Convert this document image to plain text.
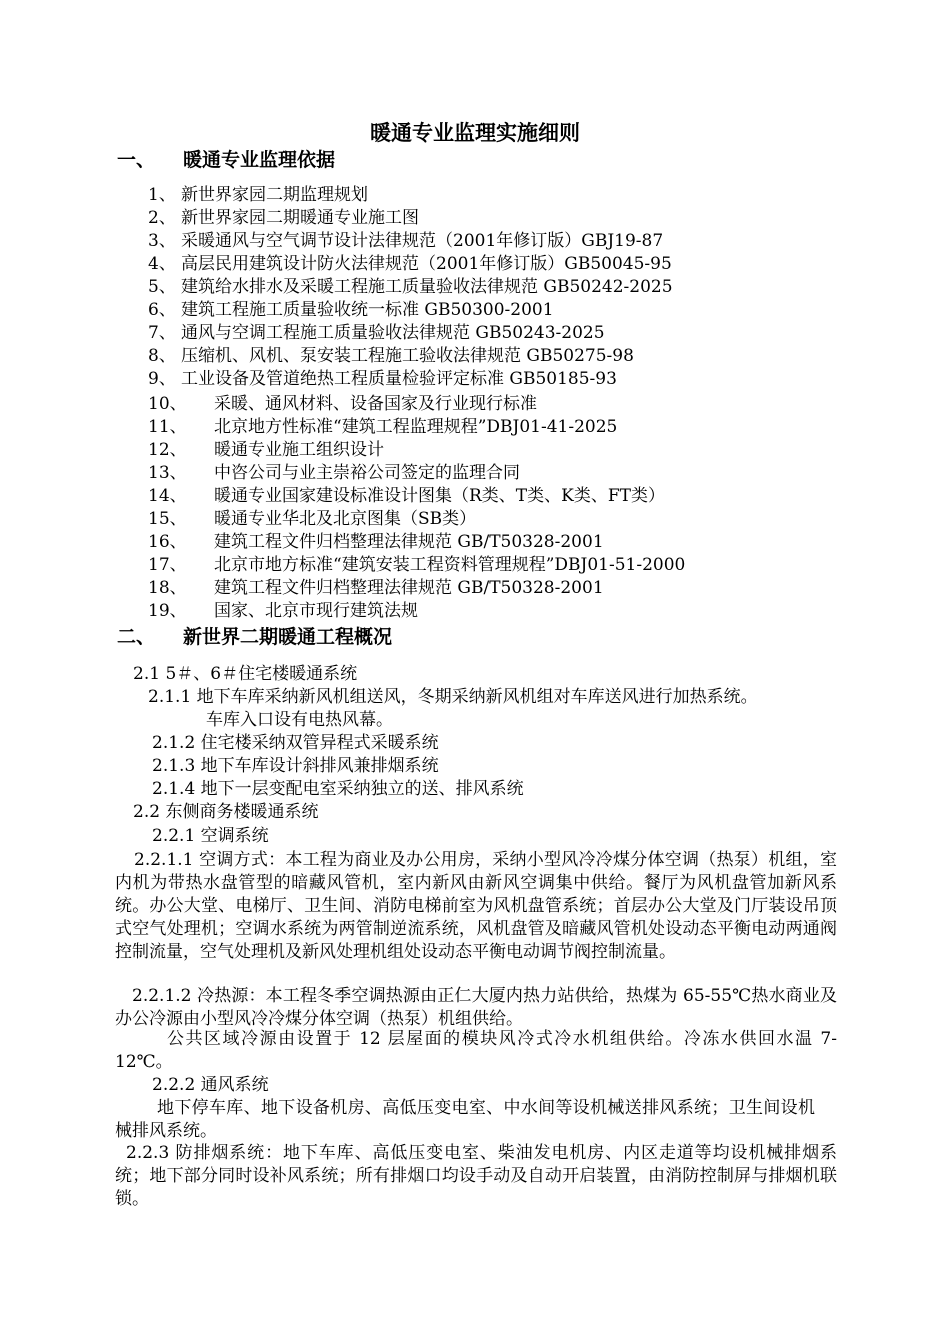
暖通专业监理实施细则
一、 暖通专业监理依据
1、 新世界家园二期监理规划
2、 新世界家园二期暖通专业施工图
3、 采暖通风与空气调节设计法律规范（2001年修订版）GBJ19-87
4、 高层民用建筑设计防火法律规范（2001年修订版）GB50045-95
5、 建筑给水排水及采暖工程施工质量验收法律规范 GB50242-2025
6、 建筑工程施工质量验收统一标准 GB50300-2001
7、 通风与空调工程施工质量验收法律规范 GB50243-2025
8、 压缩机、风机、泵安装工程施工验收法律规范 GB50275-98
9、 工业设备及管道绝热工程质量检验评定标准 GB50185-93
10、 采暖、通风材料、设备国家及行业现行标准
11、 北京地方性标准“建筑工程监理规程”DBJ01-41-2025
12、 暖通专业施工组织设计
13、 中咨公司与业主崇裕公司签定的监理合同
14、 暖通专业国家建设标准设计图集（R类、T类、K类、FT类）
15、 暖通专业华北及北京图集（SB类）
16、 建筑工程文件归档整理法律规范 GB/T50328-2001
17、 北京市地方标准“建筑安装工程资料管理规程”DBJ01-51-2000
18、 建筑工程文件归档整理法律规范 GB/T50328-2001
19、 国家、北京市现行建筑法规
二、 新世界二期暖通工程概况
2.1 5＃、6＃住宅楼暖通系统
2.1.1 地下车库采纳新风机组送风，冬期采纳新风机组对车库送风进行加热系统。
车库入口设有电热风幕。
2.1.2 住宅楼采纳双管异程式采暖系统
2.1.3 地下车库设计斜排风兼排烟系统
2.1.4 地下一层变配电室采纳独立的送、排风系统
2.2 东侧商务楼暖通系统
2.2.1 空调系统
2.2.1.1 空调方式：本工程为商业及办公用房，采纳小型风冷冷煤分体空调（热泵）机组，室内机为带热水盘管型的暗藏风管机，室内新风由新风空调集中供给。餐厅为风机盘管加新风系统。办公大堂、电梯厅、卫生间、消防电梯前室为风机盘管系统；首层办公大堂及门厅装设吊顶式空气处理机；空调水系统为两管制逆流系统，风机盘管及暗藏风管机处设动态平衡电动两通阀控制流量，空气处理机及新风处理机组处设动态平衡电动调节阀控制流量。
2.2.1.2 冷热源：本工程冬季空调热源由正仁大厦内热力站供给，热煤为 65-55℃热水商业及办公冷源由小型风冷冷煤分体空调（热泵）机组供给。
公共区域冷源由设置于 12 层屋面的模块风冷式冷水机组供给。冷冻水供回水温 7-12℃。
2.2.2 通风系统
地下停车库、地下设备机房、高低压变电室、中水间等设机械送排风系统；卫生间设机械排风系统。
2.2.3 防排烟系统：地下车库、高低压变电室、柴油发电机房、内区走道等均设机械排烟系统；地下部分同时设补风系统；所有排烟口均设手动及自动开启装置，由消防控制屏与排烟机联锁。
